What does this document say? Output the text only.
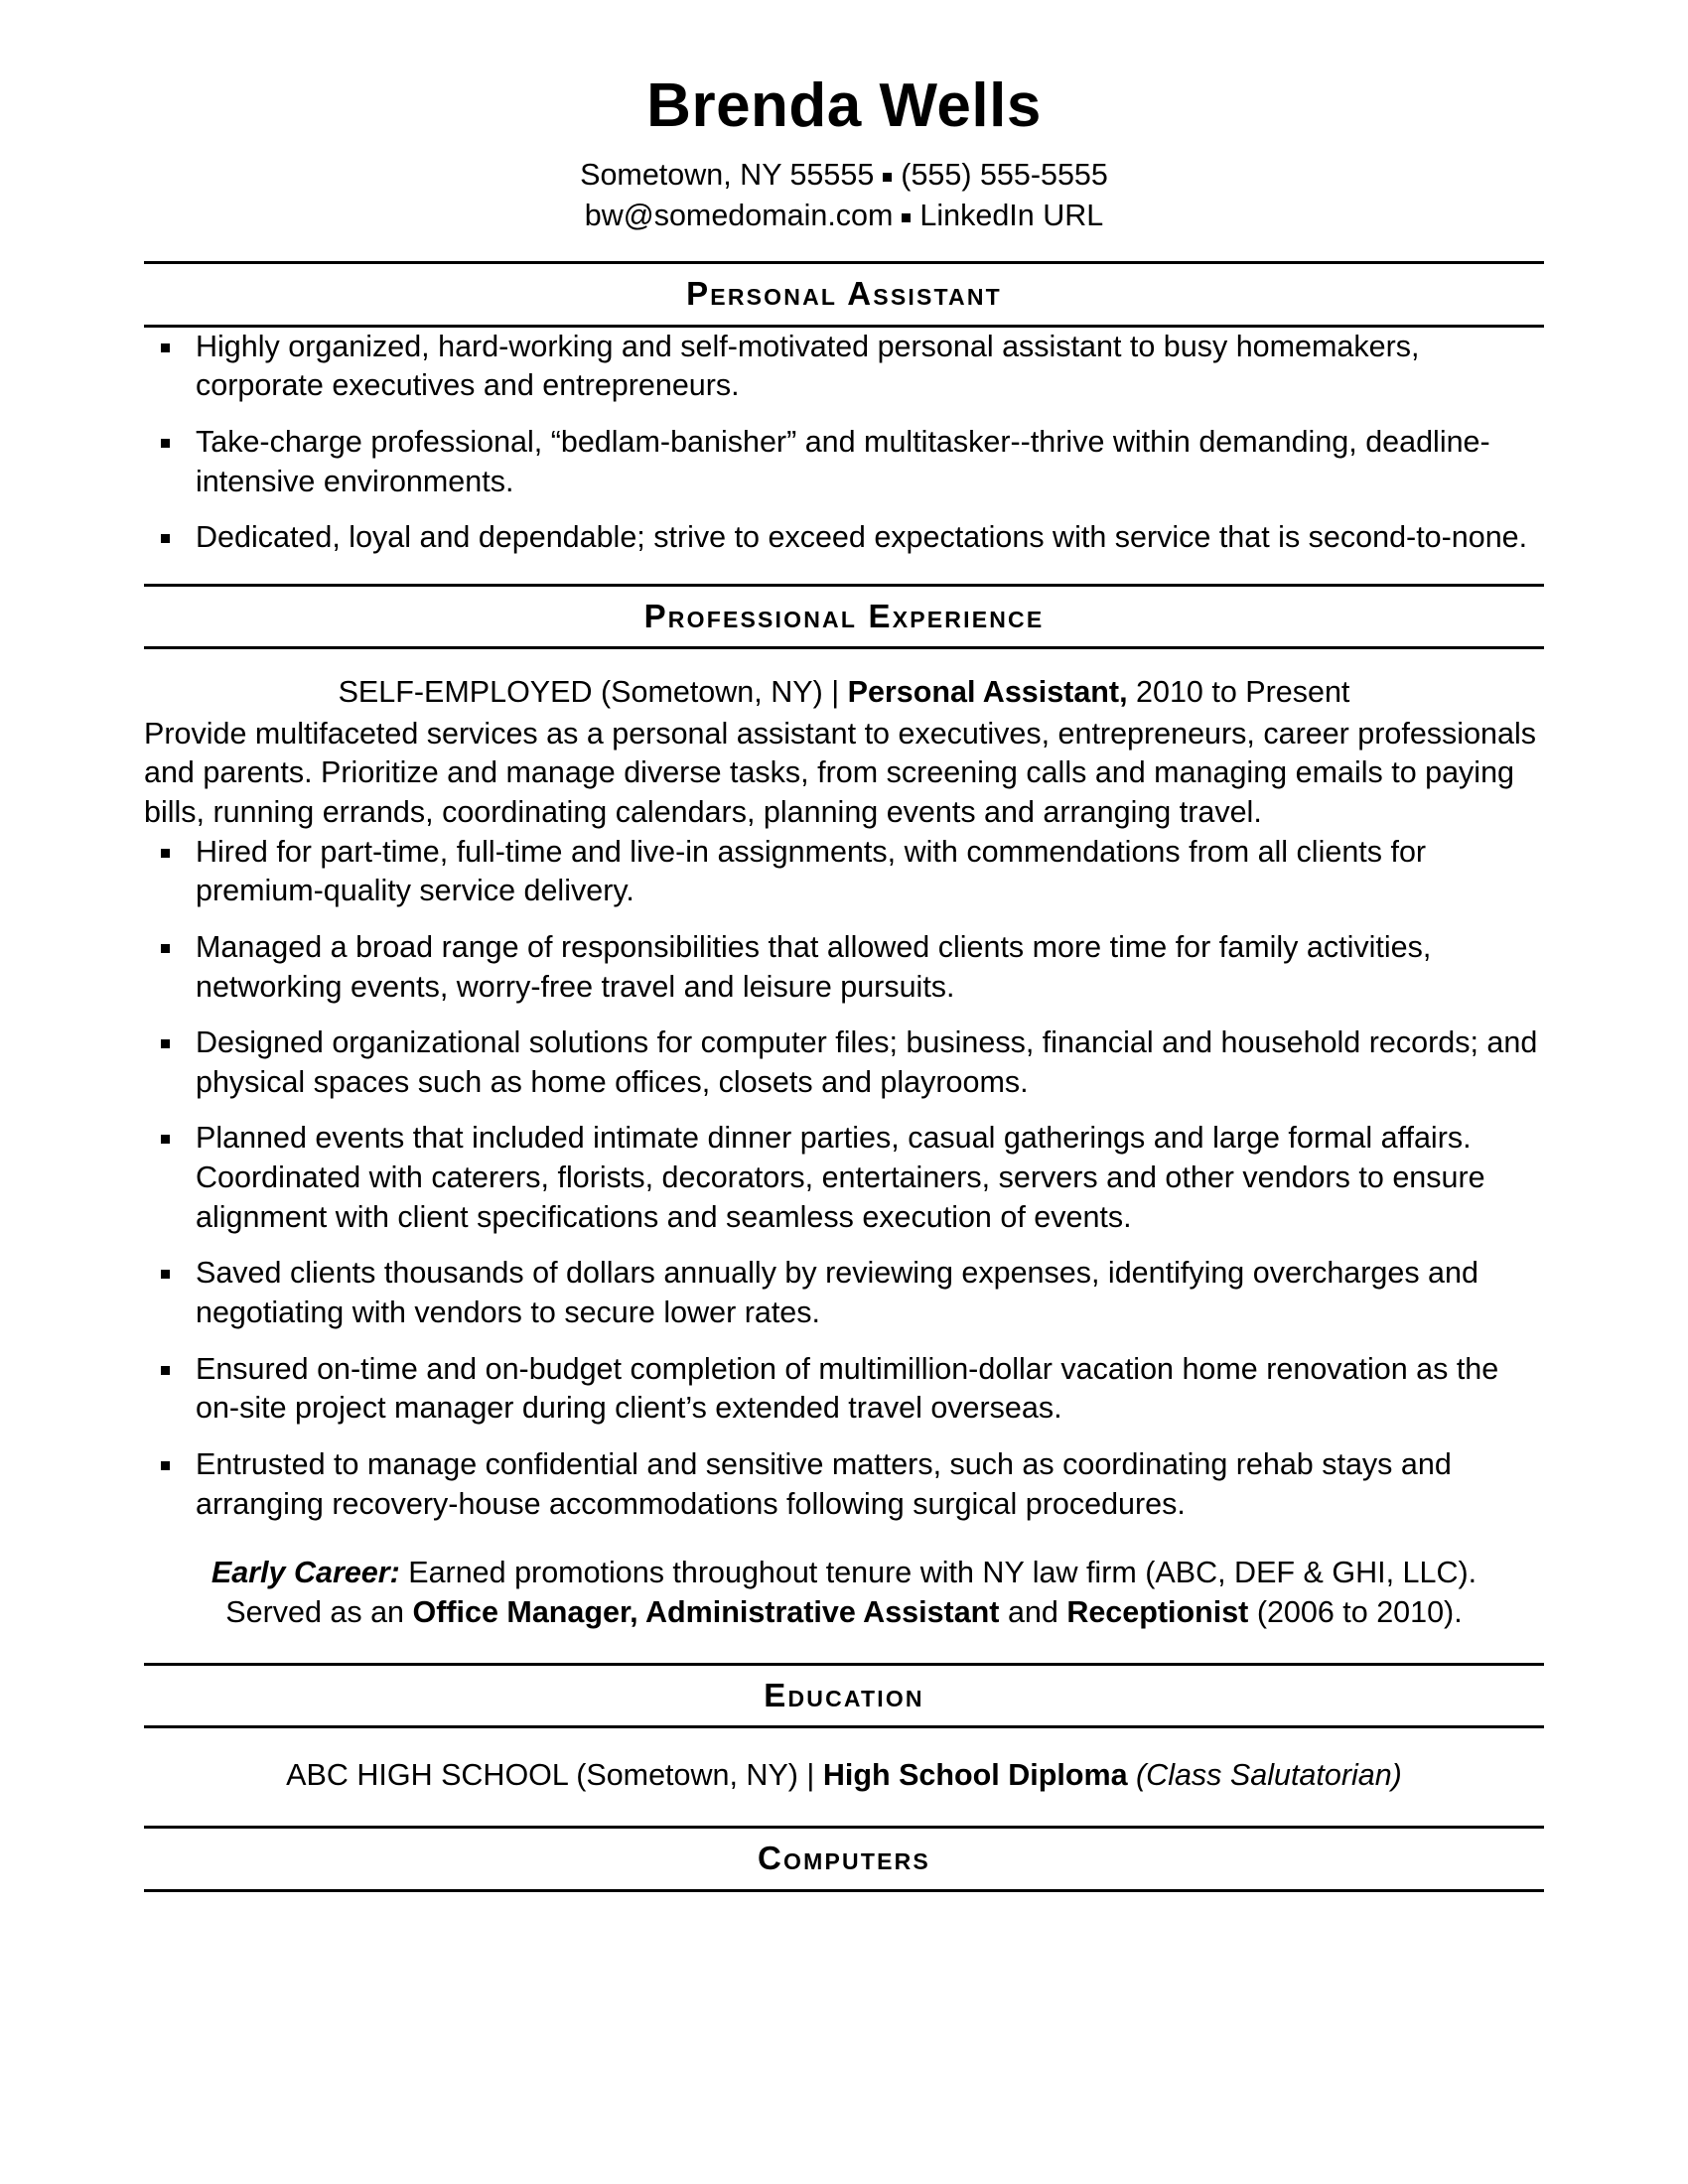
Brenda Wells

Sometown, NY 55555 (555) 555-5555

bw@somedomain.com LinkedIn URL

Personal Assistant
Highly organized, hard-working and self-motivated personal assistant to busy homemakers, corporate executives and entrepreneurs.
Take-charge professional, “bedlam-banisher” and multitasker--thrive within demanding, deadline-intensive environments.
Dedicated, loyal and dependable; strive to exceed expectations with service that is second-to-none.
Professional Experience

SELF-EMPLOYED (Sometown, NY) | Personal Assistant, 2010 to Present

Provide multifaceted services as a personal assistant to executives, entrepreneurs, career professionals and parents. Prioritize and manage diverse tasks, from screening calls and managing emails to paying bills, running errands, coordinating calendars, planning events and arranging travel.

Hired for part-time, full-time and live-in assignments, with commendations from all clients for premium-quality service delivery.
Managed a broad range of responsibilities that allowed clients more time for family activities, networking events, worry-free travel and leisure pursuits.
Designed organizational solutions for computer files; business, financial and household records; and physical spaces such as home offices, closets and playrooms.
Planned events that included intimate dinner parties, casual gatherings and large formal affairs. Coordinated with caterers, florists, decorators, entertainers, servers and other vendors to ensure alignment with client specifications and seamless execution of events.
Saved clients thousands of dollars annually by reviewing expenses, identifying overcharges and negotiating with vendors to secure lower rates.
Ensured on-time and on-budget completion of multimillion-dollar vacation home renovation as the on-site project manager during client’s extended travel overseas.
Entrusted to manage confidential and sensitive matters, such as coordinating rehab stays and arranging recovery-house accommodations following surgical procedures.

Early Career: Earned promotions throughout tenure with NY law firm (ABC, DEF & GHI, LLC). Served as an Office Manager, Administrative Assistant and Receptionist (2006 to 2010).

Education

ABC HIGH SCHOOL (Sometown, NY) | High School Diploma (Class Salutatorian)

Computers
